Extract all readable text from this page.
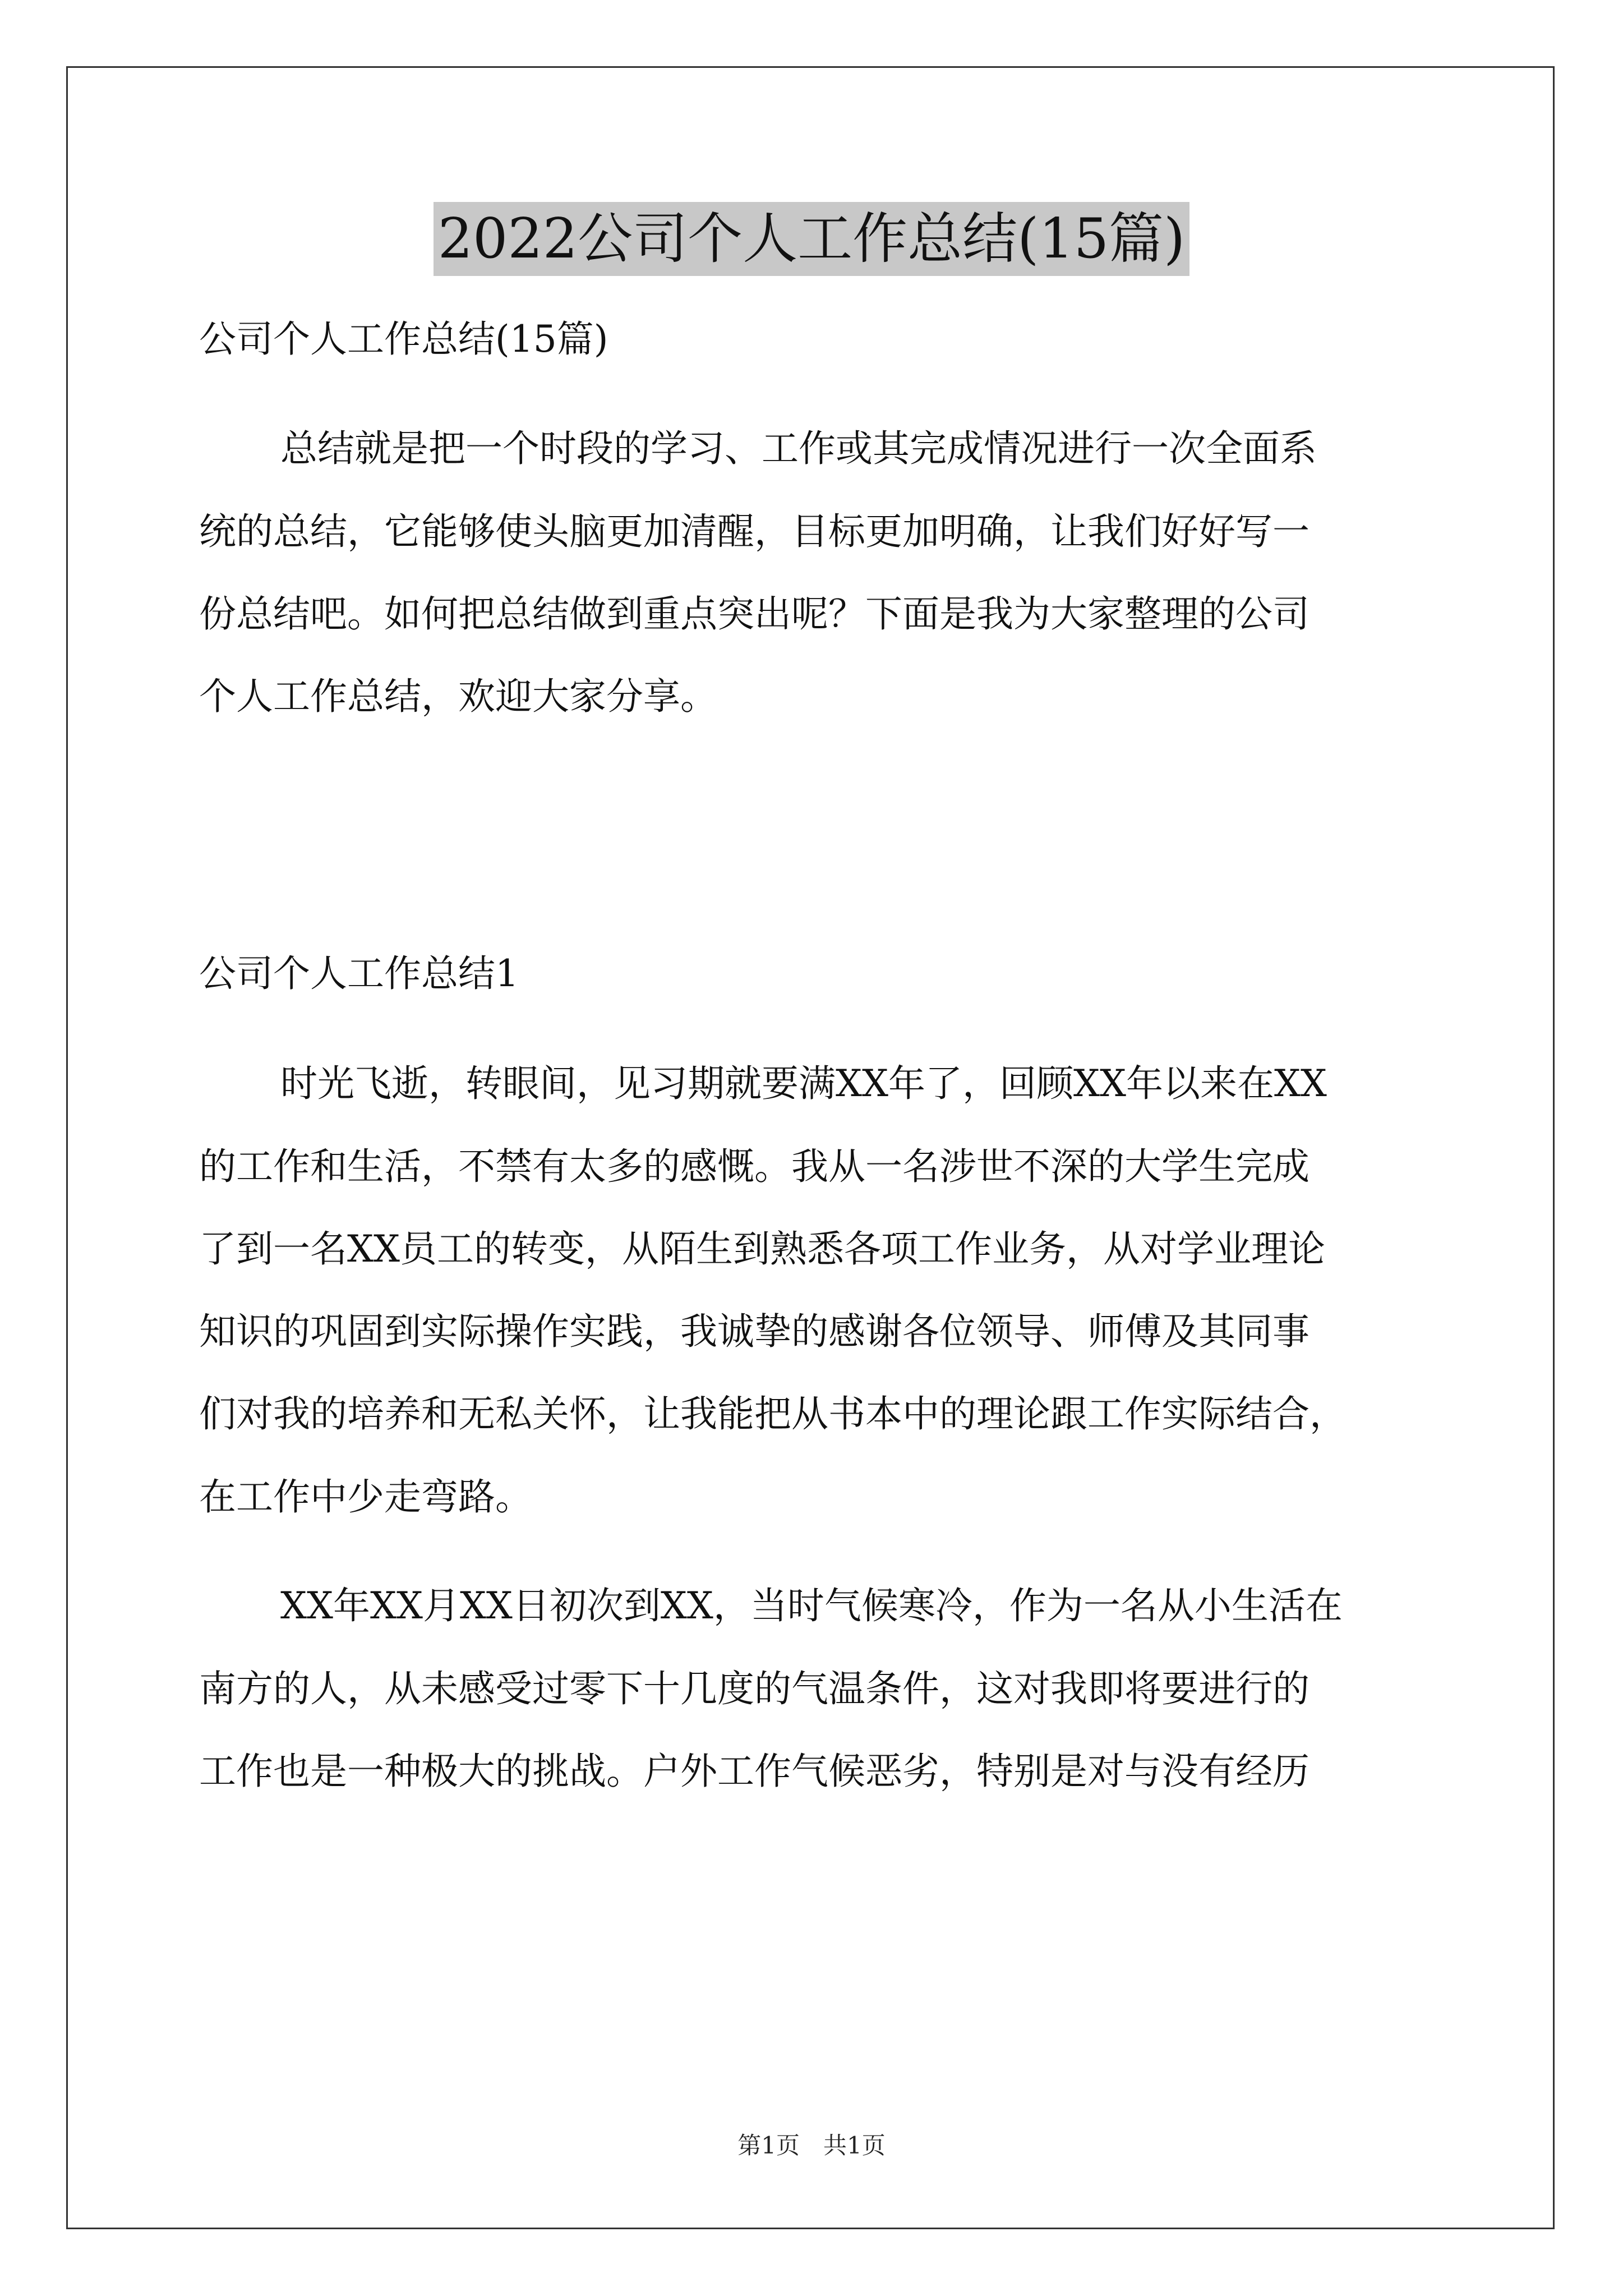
2022公司个人工作总结(15篇)
公司个人工作总结(15篇)
总结就是把一个时段的学习、工作或其完成情况进行一次全面系
统的总结，它能够使头脑更加清醒，目标更加明确，让我们好好写一
份总结吧。如何把总结做到重点突出呢？下面是我为大家整理的公司
个人工作总结，欢迎大家分享。
公司个人工作总结1
时光飞逝，转眼间，见习期就要满XX年了，回顾XX年以来在XX
的工作和生活，不禁有太多的感慨。我从一名涉世不深的大学生完成
了到一名XX员工的转变，从陌生到熟悉各项工作业务，从对学业理论
知识的巩固到实际操作实践，我诚挚的感谢各位领导、师傅及其同事
们对我的培养和无私关怀，让我能把从书本中的理论跟工作实际结合，
在工作中少走弯路。
XX年XX月XX日初次到XX，当时气候寒冷，作为一名从小生活在
南方的人，从未感受过零下十几度的气温条件，这对我即将要进行的
工作也是一种极大的挑战。户外工作气候恶劣，特别是对与没有经历
第1页　共1页
